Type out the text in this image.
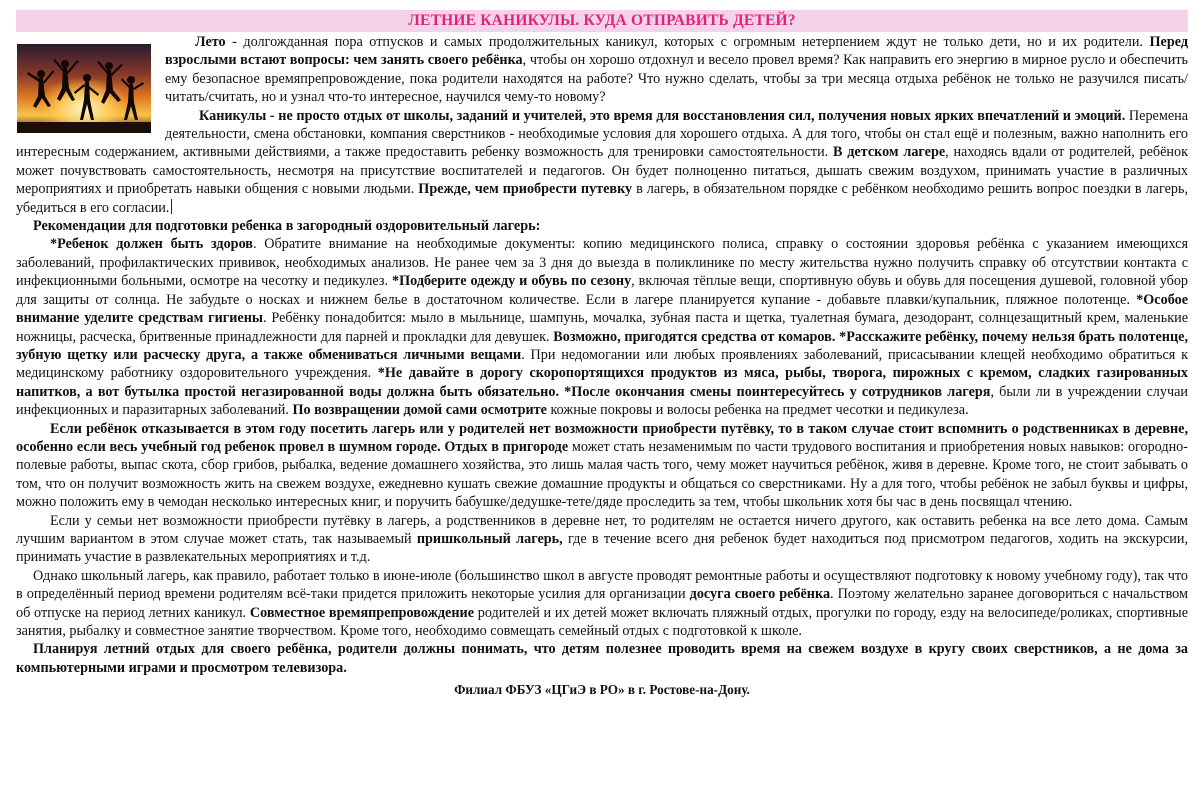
ЛЕТНИЕ КАНИКУЛЫ. КУДА ОТПРАВИТЬ ДЕТЕЙ?

Лето - долгожданная пора отпусков и самых продолжительных каникул, которых с огромным нетерпением ждут не только дети, но и их родители. Перед взрослыми встают вопросы: чем занять своего ребёнка, чтобы он хорошо отдохнул и весело провел время? Как направить его энергию в мирное русло и обеспечить ему безопасное времяпрепровождение, пока родители находятся на работе? Что нужно сделать, чтобы за три месяца отдыха ребёнок не только не разучился писать/читать/считать, но и узнал что-то интересное, научился чему-то новому?

Каникулы - не просто отдых от школы, заданий и учителей, это время для восстановления сил, получения новых ярких впечатлений и эмоций. Перемена деятельности, смена обстановки, компания сверстников - необходимые условия для хорошего отдыха. А для того, чтобы он стал ещё и полезным, важно наполнить его интересным содержанием, активными действиями, а также предоставить ребенку возможность для тренировки самостоятельности. В детском лагере, находясь вдали от родителей, ребёнок может почувствовать самостоятельность, несмотря на присутствие воспитателей и педагогов. Он будет полноценно питаться, дышать свежим воздухом, принимать участие в различных мероприятиях и приобретать навыки общения с новыми людьми. Прежде, чем приобрести путевку в лагерь, в обязательном порядке с ребёнком необходимо решить вопрос поездки в лагерь, убедиться в его согласии.

Рекомендации для подготовки ребенка в загородный оздоровительный лагерь:

*Ребенок должен быть здоров. Обратите внимание на необходимые документы: копию медицинского полиса, справку о состоянии здоровья ребёнка с указанием имеющихся заболеваний, профилактических прививок, необходимых анализов. Не ранее чем за 3 дня до выезда в поликлинике по месту жительства нужно получить справку об отсутствии контакта с инфекционными больными, осмотре на чесотку и педикулез. *Подберите одежду и обувь по сезону, включая тёплые вещи, спортивную обувь и обувь для посещения душевой, головной убор для защиты от солнца. Не забудьте о носках и нижнем белье в достаточном количестве. Если в лагере планируется купание - добавьте плавки/купальник, пляжное полотенце. *Особое внимание уделите средствам гигиены. Ребёнку понадобится: мыло в мыльнице, шампунь, мочалка, зубная паста и щетка, туалетная бумага, дезодорант, солнцезащитный крем, маленькие ножницы, расческа, бритвенные принадлежности для парней и прокладки для девушек. Возможно, пригодятся средства от комаров. *Расскажите ребёнку, почему нельзя брать полотенце, зубную щетку или расческу друга, а также обмениваться личными вещами. При недомогании или любых проявлениях заболеваний, присасывании клещей необходимо обратиться к медицинскому работнику оздоровительного учреждения. *Не давайте в дорогу скоропортящихся продуктов из мяса, рыбы, творога, пирожных с кремом, сладких газированных напитков, а вот бутылка простой негазированной воды должна быть обязательно. *После окончания смены поинтересуйтесь у сотрудников лагеря, были ли в учреждении случаи инфекционных и паразитарных заболеваний. По возвращении домой сами осмотрите кожные покровы и волосы ребенка на предмет чесотки и педикулеза.

Если ребёнок отказывается в этом году посетить лагерь или у родителей нет возможности приобрести путёвку, то в таком случае стоит вспомнить о родственниках в деревне, особенно если весь учебный год ребенок провел в шумном городе. Отдых в пригороде может стать незаменимым по части трудового воспитания и приобретения новых навыков: огородно-полевые работы, выпас скота, сбор грибов, рыбалка, ведение домашнего хозяйства, это лишь малая часть того, чему может научиться ребёнок, живя в деревне. Кроме того, не стоит забывать о том, что он получит возможность жить на свежем воздухе, ежедневно кушать свежие домашние продукты и общаться со сверстниками. Ну а для того, чтобы ребёнок не забыл буквы и цифры, можно положить ему в чемодан несколько интересных книг, и поручить бабушке/дедушке-тете/дяде проследить за тем, чтобы школьник хотя бы час в день посвящал чтению.

Если у семьи нет возможности приобрести путёвку в лагерь, а родственников в деревне нет, то родителям не остается ничего другого, как оставить ребенка на все лето дома. Самым лучшим вариантом в этом случае может стать, так называемый пришкольный лагерь, где в течение всего дня ребенок будет находиться под присмотром педагогов, ходить на экскурсии, принимать участие в развлекательных мероприятиях и т.д.

Однако школьный лагерь, как правило, работает только в июне-июле (большинство школ в августе проводят ремонтные работы и осуществляют подготовку к новому учебному году), так что в определённый период времени родителям всё-таки придется приложить некоторые усилия для организации досуга своего ребёнка. Поэтому желательно заранее договориться с начальством об отпуске на период летних каникул. Совместное времяпрепровождение родителей и их детей может включать пляжный отдых, прогулки по городу, езду на велосипеде/роликах, спортивные занятия, рыбалку и совместное занятие творчеством. Кроме того, необходимо совмещать семейный отдых с подготовкой к школе.

Планируя летний отдых для своего ребёнка, родители должны понимать, что детям полезнее проводить время на свежем воздухе в кругу своих сверстников, а не дома за компьютерными играми и просмотром телевизора.

Филиал ФБУЗ «ЦГиЭ в РО» в г. Ростове-на-Дону.
